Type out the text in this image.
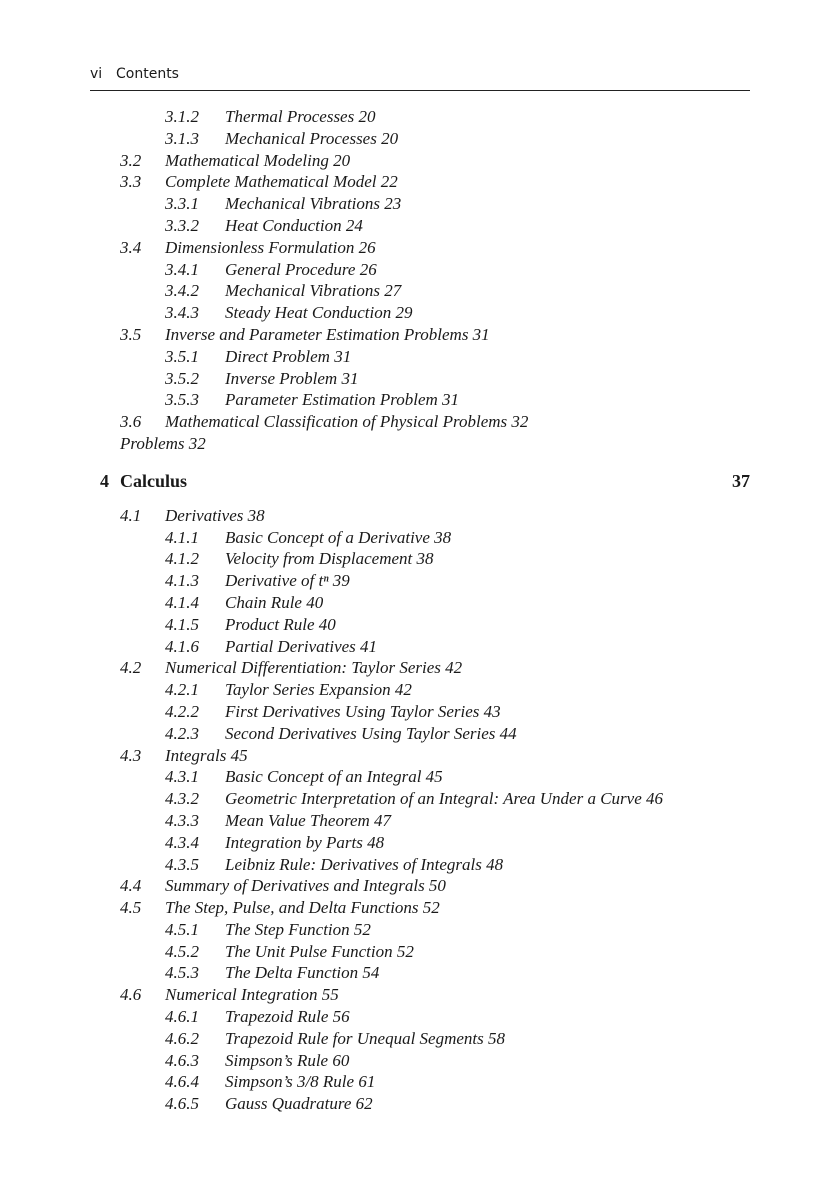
vi Contents
3.1.2 Thermal Processes 20
3.1.3 Mechanical Processes 20
3.2 Mathematical Modeling 20
3.3 Complete Mathematical Model 22
3.3.1 Mechanical Vibrations 23
3.3.2 Heat Conduction 24
3.4 Dimensionless Formulation 26
3.4.1 General Procedure 26
3.4.2 Mechanical Vibrations 27
3.4.3 Steady Heat Conduction 29
3.5 Inverse and Parameter Estimation Problems 31
3.5.1 Direct Problem 31
3.5.2 Inverse Problem 31
3.5.3 Parameter Estimation Problem 31
3.6 Mathematical Classification of Physical Problems 32
Problems 32
4 Calculus	37
4.1 Derivatives 38
4.1.1 Basic Concept of a Derivative 38
4.1.2 Velocity from Displacement 38
4.1.3 Derivative of tⁿ 39
4.1.4 Chain Rule 40
4.1.5 Product Rule 40
4.1.6 Partial Derivatives 41
4.2 Numerical Differentiation: Taylor Series 42
4.2.1 Taylor Series Expansion 42
4.2.2 First Derivatives Using Taylor Series 43
4.2.3 Second Derivatives Using Taylor Series 44
4.3 Integrals 45
4.3.1 Basic Concept of an Integral 45
4.3.2 Geometric Interpretation of an Integral: Area Under a Curve 46
4.3.3 Mean Value Theorem 47
4.3.4 Integration by Parts 48
4.3.5 Leibniz Rule: Derivatives of Integrals 48
4.4 Summary of Derivatives and Integrals 50
4.5 The Step, Pulse, and Delta Functions 52
4.5.1 The Step Function 52
4.5.2 The Unit Pulse Function 52
4.5.3 The Delta Function 54
4.6 Numerical Integration 55
4.6.1 Trapezoid Rule 56
4.6.2 Trapezoid Rule for Unequal Segments 58
4.6.3 Simpson’s Rule 60
4.6.4 Simpson’s 3/8 Rule 61
4.6.5 Gauss Quadrature 62
